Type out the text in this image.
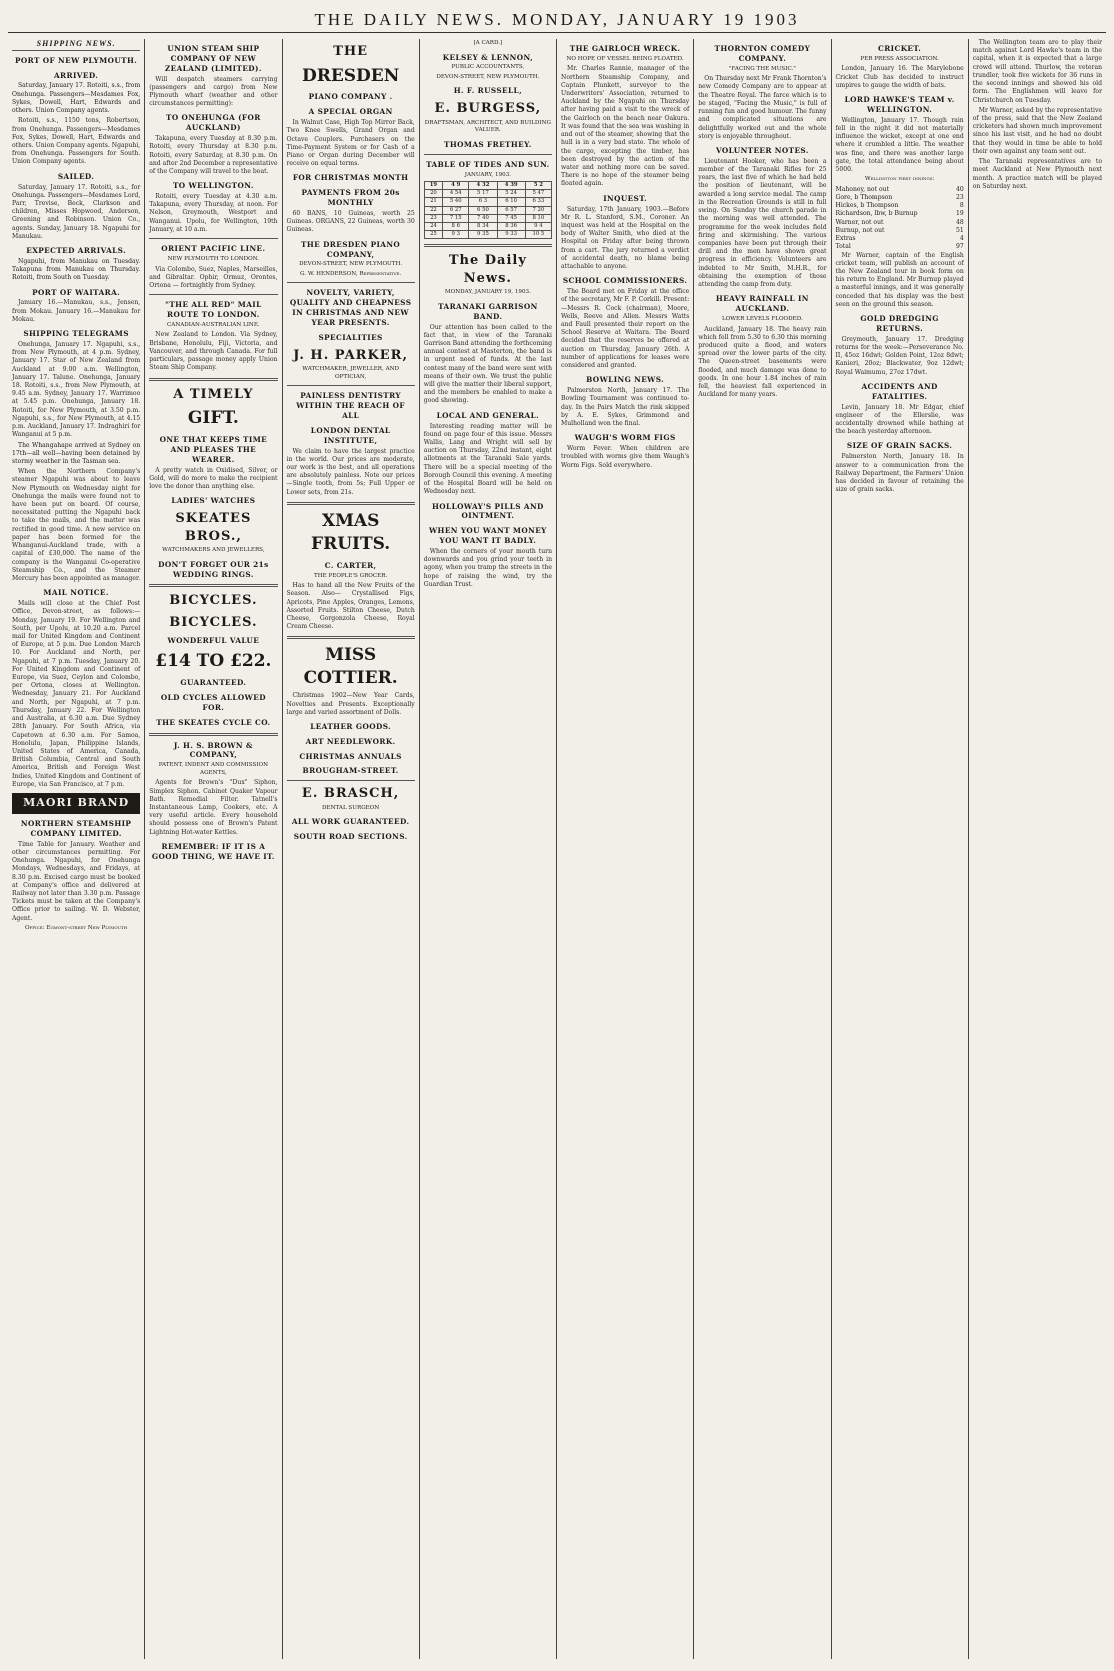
THE DAILY NEWS. MONDAY, JANUARY 19 1903
SHIPPING NEWS.
PORT OF NEW PLYMOUTH.
ARRIVED.

Saturday, January 17. Rotoiti, s.s., from Onehunga. Passengers—Mesdames Fox, Sykes, Dowell, Hart, Edwards and others. Union Company agents.

Rotoiti, s.s., 1150 tons, Robertson, from Onehunga. Passengers—Mesdames Fox, Sykes, Dowell, Hart, Edwards and others. Union Company agents. Ngapuhi, from Onehunga. Passengers for South. Union Company agents.

SAILED.

Saturday, January 17. Rotoiti, s.s., for Onehunga. Passengers—Mesdames Lord, Parr, Trevise, Beck, Clarkson and children, Misses Hopwood, Anderson, Greening and Robinson. Union Co., agents. Sunday, January 18. Ngapuhi for Manukau.

EXPECTED ARRIVALS.

Ngapuhi, from Manukau on Tuesday. Takapuna from Manukau on Thursday. Rotoiti, from South on Tuesday.

PORT OF WAITARA.

January 16.—Manukau, s.s., Jensen, from Mokau. January 16.—Manukau for Mokau.

SHIPPING TELEGRAMS

Onehunga, January 17. Ngapuhi, s.s., from New Plymouth, at 4 p.m. Sydney, January 17. Star of New Zealand from Auckland at 9.00 a.m. Wellington, January 17. Talune. Onehunga, January 18. Rotoiti, s.s., from New Plymouth, at 9.45 a.m. Sydney, January 17. Warrimoo at 5.45 p.m. Onehunga, January 18. Rotoiti, for New Plymouth, at 3.50 p.m. Ngapuhi, s.s., for New Plymouth, at 4.15 p.m. Auckland, January 17. Indraghiri for Wanganui at 5 p.m.

The Whangahape arrived at Sydney on 17th—all well—having been detained by stormy weather in the Tasman sea.

When the Northern Company's steamer Ngapuhi was about to leave New Plymouth on Wednesday night for Onehunga the mails were found not to have been put on board. Of course, necessitated putting the Ngapuhi back to take the mails, and the matter was rectified in good time. A new service on paper has been formed for the Whanganui-Auckland trade, with a capital of £30,000. The name of the company is the Wanganui Co-operative Steamship Co., and the Steamer Mercury has been appointed as manager.

MAIL NOTICE.

Mails will close at the Chief Post Office, Devon-street, as follows:— Monday, January 19. For Wellington and South, per Upolu, at 10.20 a.m. Parcel mail for United Kingdom and Continent of Europe, at 5 p.m. Due London March 10. For Auckland and North, per Ngapuhi, at 7 p.m. Tuesday, January 20. For United Kingdom and Continent of Europe, via Suez, Ceylon and Colombo, per Ortona, closes at Wellington. Wednesday, January 21. For Auckland and North, per Ngapuhi, at 7 p.m. Thursday, January 22. For Wellington and Australia, at 6.30 a.m. Due Sydney 28th January. For South Africa, via Capetown at 6.30 a.m. For Samoa, Honolulu, Japan, Philippine Islands, United States of America, Canada, British Columbia, Central and South America, British and Foreign West Indies, United Kingdom and Continent of Europe, via San Francisco, at 7 p.m.

MAORI BRAND
NORTHERN STEAMSHIP COMPANY LIMITED.

Time Table for January. Weather and other circumstances permitting. For Onehunga. Ngapuhi, for Onehunga Mondays, Wednesdays, and Fridays, at 8.30 p.m. Excised cargo must be booked at Company's office and delivered at Railway not later than 3.30 p.m. Passage Tickets must be taken at the Company's Office prior to sailing. W. D. Webster, Agent.

Office: Egmont-street New Plymouth
UNION STEAM SHIP COMPANY OF NEW ZEALAND (LIMITED).

Will despatch steamers carrying (passengers and cargo) from New Plymouth wharf (weather and other circumstances permitting):

TO ONEHUNGA (FOR AUCKLAND)

Takapuna, every Tuesday at 8.30 p.m. Rotoiti, every Thursday at 8.30 p.m. Rotoiti, every Saturday, at 8.30 p.m. On and after 2nd December a representative of the Company will travel to the boat.

TO WELLINGTON.

Rotoiti, every Tuesday at 4.30 a.m. Takapuna, every Thursday, at noon. For Nelson, Greymouth, Westport and Wanganui. Upolu, for Wellington, 19th January, at 10 a.m.

ORIENT PACIFIC LINE.
NEW PLYMOUTH TO LONDON.

Via Colombo, Suez, Naples, Marseilles, and Gibraltar. Ophir, Ormuz, Orontes, Ortona — fortnightly from Sydney.

"THE ALL RED" MAIL ROUTE TO LONDON.
CANADIAN-AUSTRALIAN LINE.

New Zealand to London. Via Sydney, Brisbane, Honolulu, Fiji, Victoria, and Vancouver, and through Canada. For full particulars, passage money apply Union Steam Ship Company.

A TIMELY
GIFT.
ONE THAT KEEPS TIME AND PLEASES THE WEARER.

A pretty watch in Oxidised, Silver, or Gold, will do more to make the recipient love the donor than anything else.

LADIES' WATCHES
SKEATES BROS.,
WATCHMAKERS AND JEWELLERS,
DON'T FORGET OUR 21s WEDDING RINGS.
BICYCLES.
BICYCLES.
WONDERFUL VALUE
£14 TO £22.
GUARANTEED.
OLD CYCLES ALLOWED FOR.
THE SKEATES CYCLE CO.
J. H. S. BROWN & COMPANY,
PATENT, INDENT AND COMMISSION AGENTS,

Agents for Brown's "Dux" Siphon, Simplex Siphon. Cabinet Quaker Vapour Bath. Remedial Filter. Tatnell's Instantaneous Lamp, Cookers, etc. A very useful article. Every household should possess one of Brown's Patent Lightning Hot-water Kettles.

REMEMBER: IF IT IS A GOOD THING, WE HAVE IT.
THE
DRESDEN
PIANO COMPANY .
A SPECIAL ORGAN

In Walnut Case, High Top Mirror Back, Two Knee Swells, Grand Organ and Octave Couplers. Purchasers on the Time-Payment System or for Cash of a Piano or Organ during December will receive on equal terms.

FOR CHRISTMAS MONTH
PAYMENTS FROM 20s MONTHLY

60 BANS, 10 Guineas, worth 25 Guineas. ORGANS, 22 Guineas, worth 30 Guineas.

THE DRESDEN PIANO COMPANY,
DEVON-STREET, NEW PLYMOUTH.
G. W. HENDERSON, Representative.
NOVELTY, VARIETY, QUALITY AND CHEAPNESS IN CHRISTMAS AND NEW YEAR PRESENTS.
SPECIALITIES
J. H. PARKER,
WATCHMAKER, JEWELLER, AND OPTICIAN,
PAINLESS DENTISTRY WITHIN THE REACH OF ALL
LONDON DENTAL INSTITUTE,

We claim to have the largest practice in the world. Our prices are moderate, our work is the best, and all operations are absolutely painless. Note our prices—Single tooth, from 5s; Full Upper or Lower sets, from 21s.

XMAS FRUITS.
C. CARTER,
THE PEOPLE'S GROCER.

Has to hand all the New Fruits of the Season. Also— Crystallised Figs, Apricots, Pine Apples, Oranges, Lemons, Assorted Fruits. Stilton Cheese, Dutch Cheese, Gorgonzola Cheese, Royal Cream Cheese.

MISS COTTIER.

Christmas 1902—New Year Cards, Novelties and Presents. Exceptionally large and varied assortment of Dolls.

LEATHER GOODS.
ART NEEDLEWORK.
CHRISTMAS ANNUALS
BROUGHAM-STREET.
E. BRASCH,
DENTAL SURGEON
ALL WORK GUARANTEED.
SOUTH ROAD SECTIONS.
[A CARD.]
KELSEY & LENNON,
PUBLIC ACCOUNTANTS,
DEVON-STREET, NEW PLYMOUTH.
H. F. RUSSELL,
E. BURGESS,
DRAFTSMAN, ARCHITECT, AND BUILDING VALUER.
THOMAS FRETHEY.
TABLE OF TIDES AND SUN.
JANUARY, 1903.
19	4 9	4 32	4 39	5 2
20	4 54	5 17	5 24	5 47
21	5 40	6 3	6 10	6 33
22	6 27	6 50	6 57	7 20
23	7 15	7 40	7 45	8 10
24	8 6	8 34	8 36	9 4
25	9 3	9 35	9 33	10 5
The Daily News.
MONDAY, JANUARY 19, 1903.
TARANAKI GARRISON BAND.

Our attention has been called to the fact that, in view of the Taranaki Garrison Band attending the forthcoming annual contest at Masterton, the band is in urgent need of funds. At the last contest many of the band were sent with means of their own. We trust the public will give the matter their liberal support, and the members be enabled to make a good showing.

LOCAL AND GENERAL.

Interesting reading matter will be found on page four of this issue. Messrs Wallis, Lang and Wright will sell by auction on Thursday, 22nd instant, eight allotments at the Taranaki Sale yards. There will be a special meeting of the Borough Council this evening. A meeting of the Hospital Board will be held on Wednesday next.

HOLLOWAY'S PILLS AND OINTMENT.
WHEN YOU WANT MONEY YOU WANT IT BADLY.

When the corners of your mouth turn downwards and you grind your teeth in agony, when you tramp the streets in the hope of raising the wind, try the Guardian Trust.

THE GAIRLOCH WRECK.
NO HOPE OF VESSEL BEING FLOATED.

Mr. Charles Rannie, manager of the Northern Steamship Company, and Captain Plunkett, surveyor to the Underwriters' Association, returned to Auckland by the Ngapuhi on Thursday after having paid a visit to the wreck of the Gairloch on the beach near Oakura. It was found that the sea was washing in and out of the steamer, showing that the hull is in a very bad state. The whole of the cargo, excepting the timber, has been destroyed by the action of the water and nothing more can be saved. There is no hope of the steamer being floated again.

INQUEST.

Saturday, 17th January, 1903.—Before Mr R. L. Stanford, S.M., Coroner. An inquest was held at the Hospital on the body of Walter Smith, who died at the Hospital on Friday after being thrown from a cart. The jury returned a verdict of accidental death, no blame being attachable to anyone.

SCHOOL COMMISSIONERS.

The Board met on Friday at the office of the secretary, Mr F. P. Corkill. Present:—Messrs R. Cock (chairman), Moore, Wells, Reeve and Allen. Messrs Watts and Faull presented their report on the School Reserve at Waitara. The Board decided that the reserves be offered at auction on Thursday, January 26th. A number of applications for leases were considered and granted.

BOWLING NEWS.

Palmerston North, January 17. The Bowling Tournament was continued to-day. In the Pairs Match the rink skipped by A. E. Sykes, Grimmond and Mulholland won the final.

WAUGH'S WORM FIGS

Worm Fever. When children are troubled with worms give them Waugh's Worm Figs. Sold everywhere.

THORNTON COMEDY COMPANY.
"FACING THE MUSIC."

On Thursday next Mr Frank Thornton's new Comedy Company are to appear at the Theatre Royal. The farce which is to be staged, "Facing the Music," is full of running fun and good humour. The funny and complicated situations are delightfully worked out and the whole story is enjoyable throughout.

VOLUNTEER NOTES.

Lieutenant Hooker, who has been a member of the Taranaki Rifles for 25 years, the last five of which he had held the position of lieutenant, will be awarded a long service medal. The camp in the Recreation Grounds is still in full swing. On Sunday the church parade in the morning was well attended. The programme for the week includes field firing and skirmishing. The various companies have been put through their drill and the men have shown great progress in efficiency. Volunteers are indebted to Mr Smith, M.H.R., for obtaining the exemption of those attending the camp from duty.

HEAVY RAINFALL IN AUCKLAND.
LOWER LEVELS FLOODED.

Auckland, January 18. The heavy rain which fell from 5.30 to 6.30 this morning produced quite a flood, and waters spread over the lower parts of the city. The Queen-street basements were flooded, and much damage was done to goods. In one hour 1.84 inches of rain fell, the heaviest fall experienced in Auckland for many years.

CRICKET.
PER PRESS ASSOCIATION.

London, January 16. The Marylebone Cricket Club has decided to instruct umpires to gauge the width of bats.

LORD HAWKE'S TEAM v. WELLINGTON.

Wellington, January 17. Though rain fell in the night it did not materially influence the wicket, except at one end where it crumbled a little. The weather was fine, and there was another large gate, the total attendance being about 5000.

Wellington first innings:
Mahoney, not out	40
Gore, b Thompson	23
Hickes, b Thompson	8
Richardson, lbw, b Burnup	19
Warner, not out	48
Burnup, not out	51
Extras	4
Total	97

Mr Warner, captain of the English cricket team, will publish an account of the New Zealand tour in book form on his return to England. Mr Burnup played a masterful innings, and it was generally conceded that his display was the best seen on the ground this season.

GOLD DREDGING RETURNS.

Greymouth, January 17. Dredging returns for the week:—Perseverance No. II, 45oz 16dwt; Golden Point, 12oz 8dwt; Kanieri, 20oz; Blackwater, 9oz 12dwt; Royal Waimumu, 27oz 17dwt.

ACCIDENTS AND FATALITIES.

Levin, January 18. Mr Edgar, chief engineer of the Ellerslie, was accidentally drowned while bathing at the beach yesterday afternoon.

SIZE OF GRAIN SACKS.

Palmerston North, January 18. In answer to a communication from the Railway Department, the Farmers' Union has decided in favour of retaining the size of grain sacks.

The Wellington team are to play their match against Lord Hawke's team in the capital, when it is expected that a large crowd will attend. Thurlow, the veteran trundler, took five wickets for 36 runs in the second innings and showed his old form. The Englishmen will leave for Christchurch on Tuesday.

Mr Warner, asked by the representative of the press, said that the New Zealand cricketers had shown much improvement since his last visit, and he had no doubt that they would in time be able to hold their own against any team sent out.

The Taranaki representatives are to meet Auckland at New Plymouth next month. A practice match will be played on Saturday next.
